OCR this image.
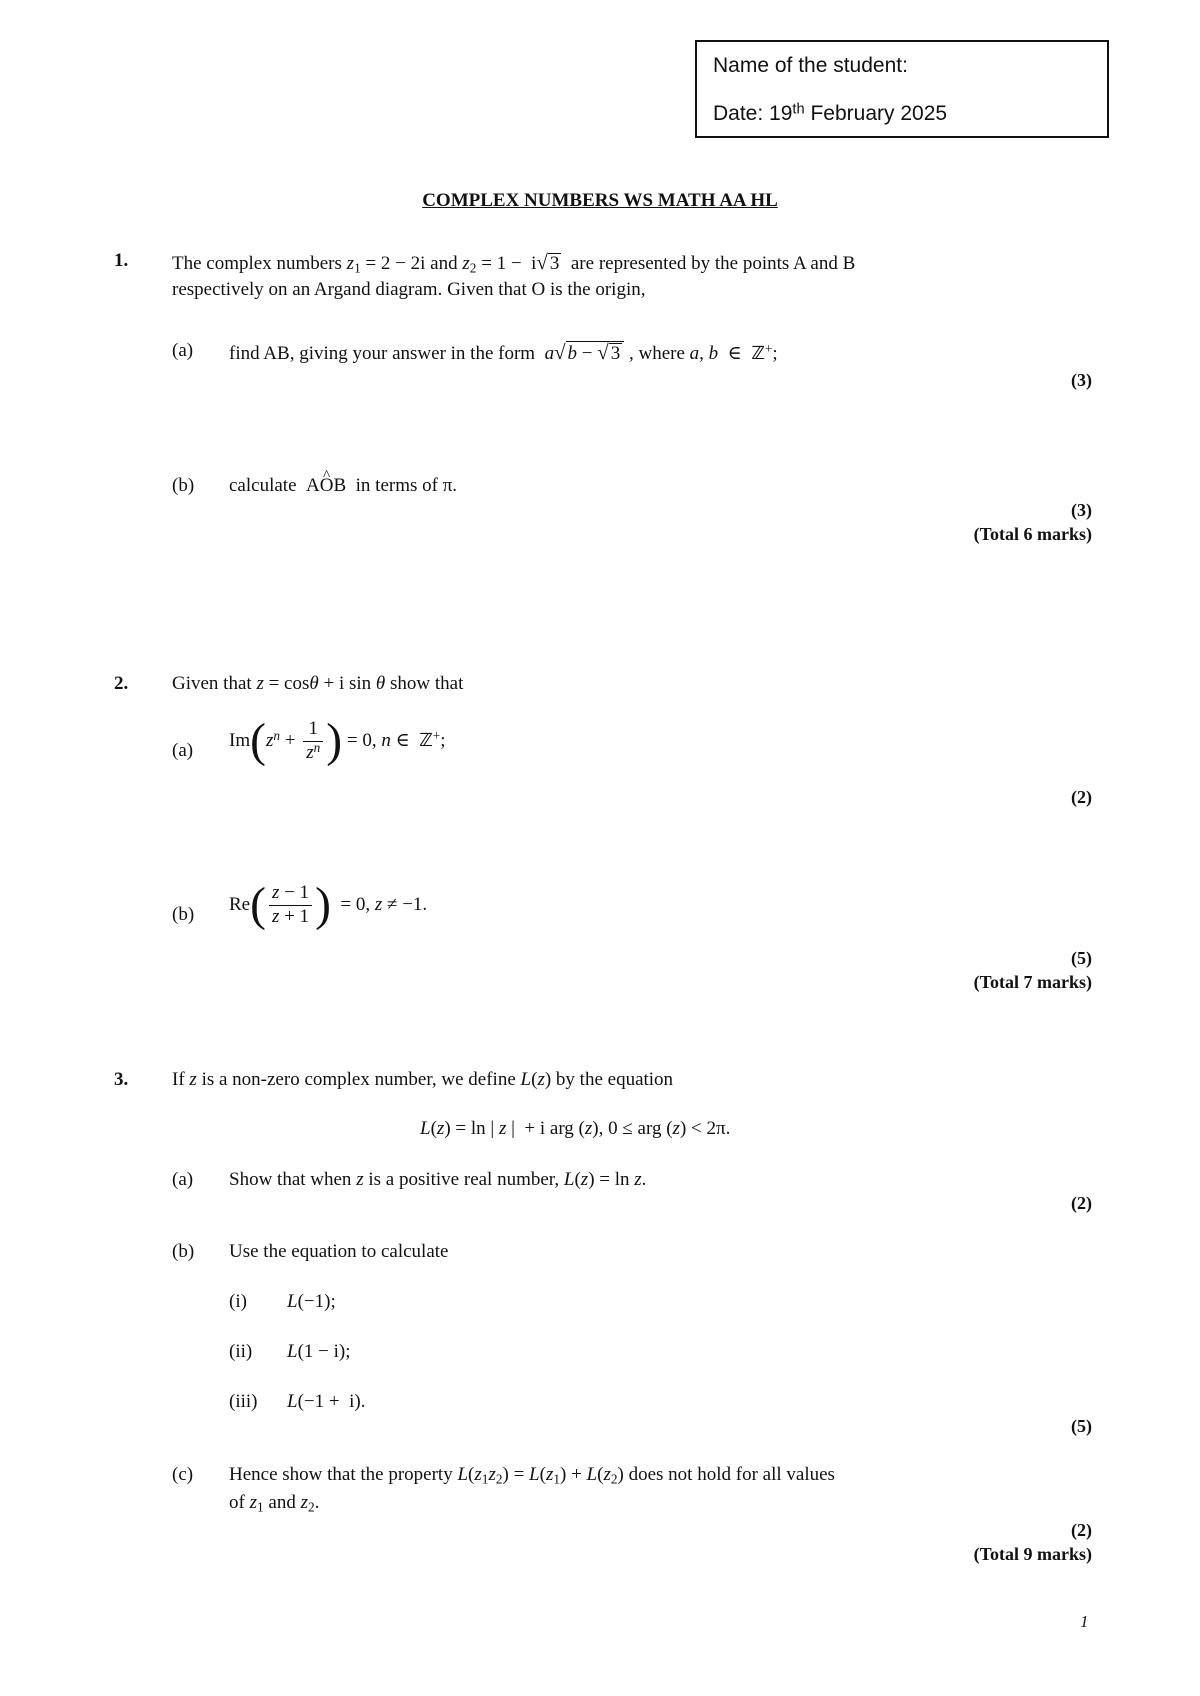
Name of the student:
Date: 19th February 2025
COMPLEX NUMBERS WS MATH AA HL
1. The complex numbers $z_1 = 2 - 2i$ and $z_2 = 1 - i√$ 3  are represented by the points A and B
respectively on an Argand diagram. Given that O is the origin,
(a) find AB, giving your answer in the form  a√ b − √ 3 , where a, b  ∈  ℤ+;
(3)
(b) calculate  A^ OB  in terms of π.
(3)
(Total 6 marks)
2. Given that z = cosθ + i sin θ show that
(a) $Im(z^n + \frac{1}{z^n}$ ) = 0, n ∈  ℤ+;
(2)
(b) $Re( \frac{z - 1}{z + 1}$ )  = 0, z ≠ −1.
(5)
(Total 7 marks)
3. If z is a non-zero complex number, we define L(z) by the equation
L(z) = ln | z |  + i arg (z), 0 ≤ arg (z) < 2π.
(a) Show that when z is a positive real number, L(z) = ln z.
(2)
(b) Use the equation to calculate
(i) L(−1);
(ii) L(1 − i);
(iii) L(−1 +  i).
(5)
(c) Hence show that the property $L(z_1z_2) = L(z_1) + L(z_2)$ does not hold for all values
of $z_1$ and $z_2$.
(2)
(Total 9 marks)
1
